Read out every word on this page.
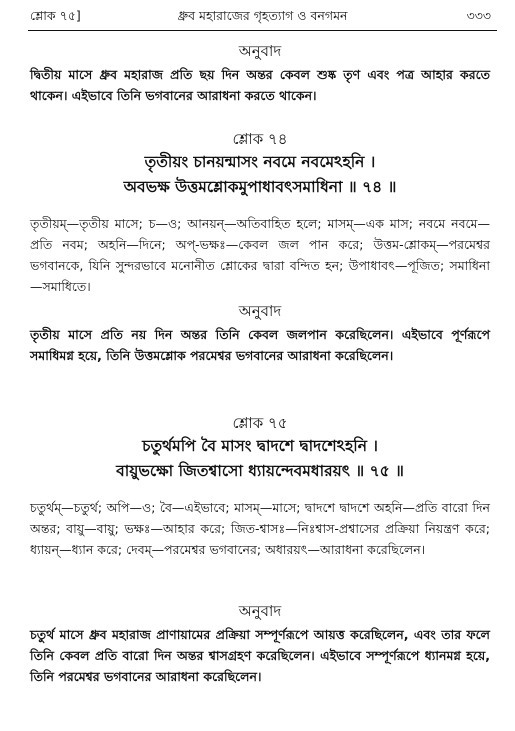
শ্লোক ৭৫]	ধ্রুব মহারাজের গৃহত্যাগ ও বনগমন	৩৩৩
অনুবাদ
দ্বিতীয় মাসে ধ্রুব মহারাজ প্রতি ছয় দিন অন্তর কেবল শুষ্ক তৃণ এবং পত্র আহার করতে থাকেন। এইভাবে তিনি ভগবানের আরাধনা করতে থাকেন।
শ্লোক ৭৪
তৃতীয়ং চানয়ন্মাসং নবমে নবমেঽহনি ।
অবভক্ষ উত্তমশ্লোকমুপাধাবৎসমাধিনা ॥ ৭৪ ॥
তৃতীয়ম্—তৃতীয় মাসে; চ—ও; আনয়ন্—অতিবাহিত হলে; মাসম্—এক মাস; নবমে নবমে—প্রতি নবম; অহনি—দিনে; অপ্-ভক্ষঃ—কেবল জল পান করে; উত্তম-শ্লোকম্—পরমেশ্বর ভগবানকে, যিনি সুন্দরভাবে মনোনীত শ্লোকের দ্বারা বন্দিত হন; উপাধাবৎ—পূজিত; সমাধিনা—সমাধিতে।
অনুবাদ
তৃতীয় মাসে প্রতি নয় দিন অন্তর তিনি কেবল জলপান করেছিলেন। এইভাবে পূর্ণরূপে সমাধিমগ্ন হয়ে, তিনি উত্তমশ্লোক পরমেশ্বর ভগবানের আরাধনা করেছিলেন।
শ্লোক ৭৫
চতুর্থমপি বৈ মাসং দ্বাদশে দ্বাদশেঽহনি ।
বায়ুভক্ষো জিতশ্বাসো ধ্যায়ন্দেবমধারয়ৎ ॥ ৭৫ ॥
চতুর্থম্—চতুর্থ; অপি—ও; বৈ—এইভাবে; মাসম্—মাসে; দ্বাদশে দ্বাদশে অহনি—প্রতি বারো দিন অন্তর; বায়ু—বায়ু; ভক্ষঃ—আহার করে; জিত-শ্বাসঃ—নিঃশ্বাস-প্রশ্বাসের প্রক্রিয়া নিয়ন্ত্রণ করে; ধ্যায়ন্—ধ্যান করে; দেবম্—পরমেশ্বর ভগবানের; অধারয়ৎ—আরাধনা করেছিলেন।
অনুবাদ
চতুর্থ মাসে ধ্রুব মহারাজ প্রাণায়ামের প্রক্রিয়া সম্পূর্ণরূপে আয়ত্ত করেছিলেন, এবং তার ফলে তিনি কেবল প্রতি বারো দিন অন্তর শ্বাসগ্রহণ করেছিলেন। এইভাবে সম্পূর্ণরূপে ধ্যানমগ্ন হয়ে, তিনি পরমেশ্বর ভগবানের আরাধনা করেছিলেন।
